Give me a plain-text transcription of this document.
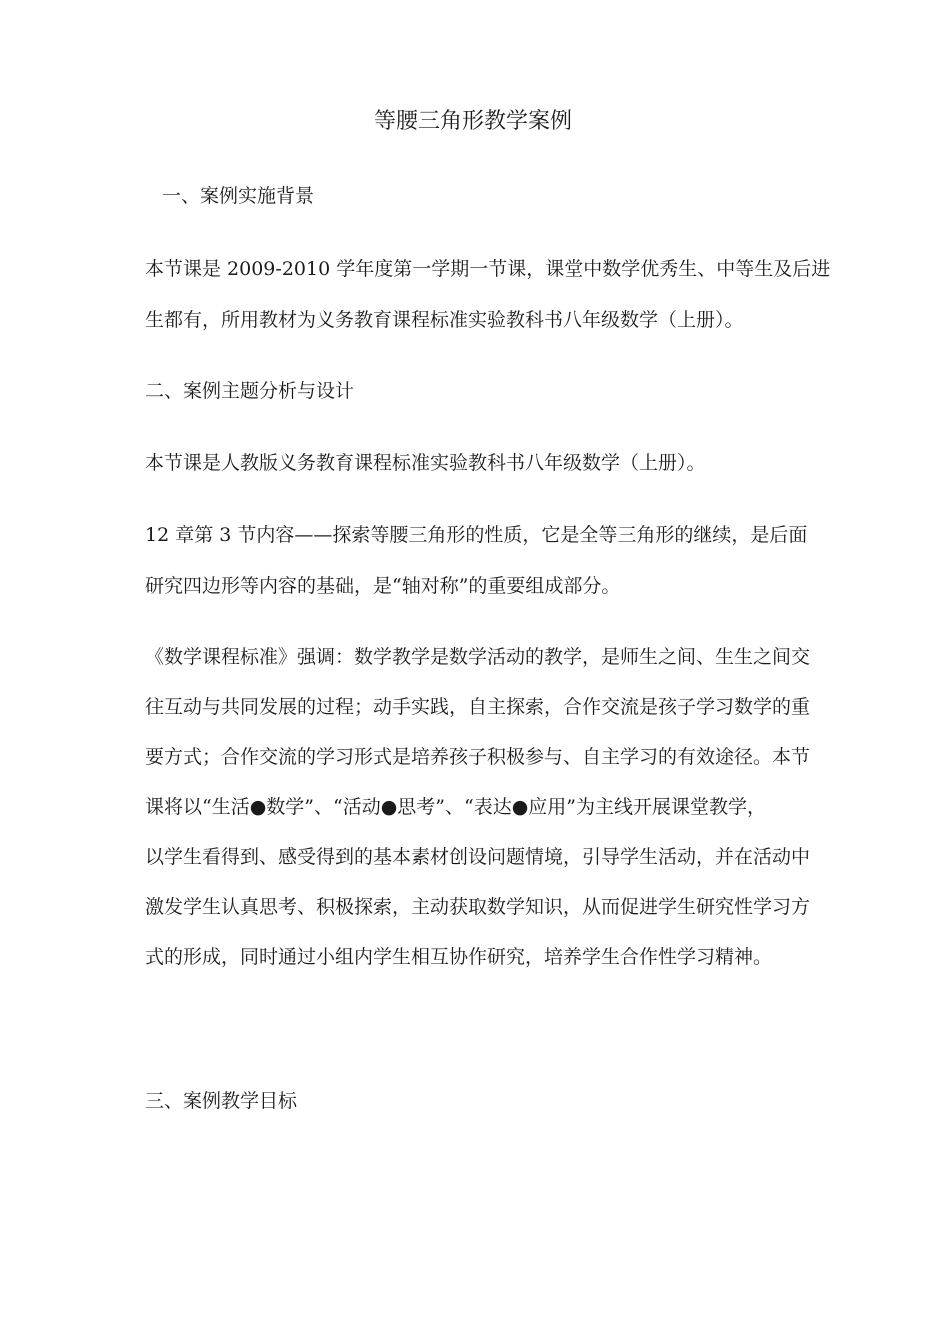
等腰三角形教学案例

一、案例实施背景

本节课是 2009-2010 学年度第一学期一节课，课堂中数学优秀生、中等生及后进

生都有，所用教材为义务教育课程标准实验教科书八年级数学（上册）。

二、案例主题分析与设计

本节课是人教版义务教育课程标准实验教科书八年级数学（上册）。

12 章第 3 节内容——探索等腰三角形的性质，它是全等三角形的继续，是后面

研究四边形等内容的基础，是“轴对称”的重要组成部分。

《数学课程标准》强调：数学教学是数学活动的教学，是师生之间、生生之间交

往互动与共同发展的过程；动手实践，自主探索，合作交流是孩子学习数学的重

要方式；合作交流的学习形式是培养孩子积极参与、自主学习的有效途径。本节

课将以“生活●数学”、“活动●思考”、“表达●应用”为主线开展课堂教学，

以学生看得到、感受得到的基本素材创设问题情境，引导学生活动，并在活动中

激发学生认真思考、积极探索，主动获取数学知识，从而促进学生研究性学习方

式的形成，同时通过小组内学生相互协作研究，培养学生合作性学习精神。

三、案例教学目标
